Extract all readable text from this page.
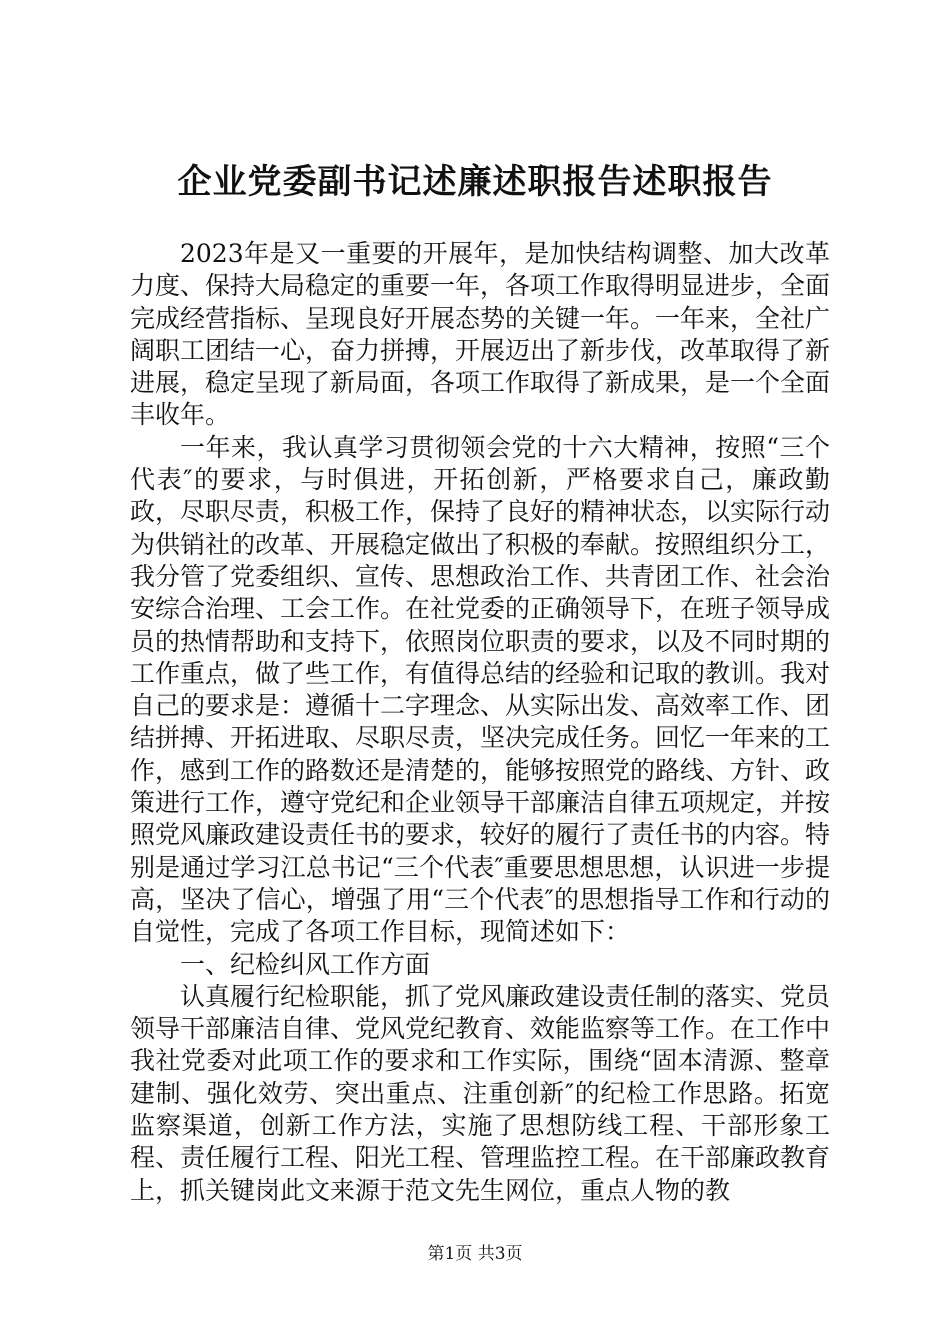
企业党委副书记述廉述职报告述职报告

2023年是又一重要的开展年，是加快结构调整、加大改革力度、保持大局稳定的重要一年，各项工作取得明显进步，全面完成经营指标、呈现良好开展态势的关键一年。一年来，全社广阔职工团结一心，奋力拼搏，开展迈出了新步伐，改革取得了新进展，稳定呈现了新局面，各项工作取得了新成果，是一个全面丰收年。

一年来，我认真学习贯彻领会党的十六大精神，按照“三个代表″的要求，与时俱进，开拓创新，严格要求自己，廉政勤政，尽职尽责，积极工作，保持了良好的精神状态，以实际行动为供销社的改革、开展稳定做出了积极的奉献。按照组织分工，我分管了党委组织、宣传、思想政治工作、共青团工作、社会治安综合治理、工会工作。在社党委的正确领导下，在班子领导成员的热情帮助和支持下，依照岗位职责的要求，以及不同时期的工作重点，做了些工作，有值得总结的经验和记取的教训。我对自己的要求是：遵循十二字理念、从实际出发、高效率工作、团结拼搏、开拓进取、尽职尽责，坚决完成任务。回忆一年来的工作，感到工作的路数还是清楚的，能够按照党的路线、方针、政策进行工作，遵守党纪和企业领导干部廉洁自律五项规定，并按照党风廉政建设责任书的要求，较好的履行了责任书的内容。特别是通过学习江总书记“三个代表″重要思想思想，认识进一步提高，坚决了信心，增强了用“三个代表″的思想指导工作和行动的自觉性，完成了各项工作目标，现简述如下：

一、纪检纠风工作方面

认真履行纪检职能，抓了党风廉政建设责任制的落实、党员领导干部廉洁自律、党风党纪教育、效能监察等工作。在工作中我社党委对此项工作的要求和工作实际，围绕“固本清源、整章建制、强化效劳、突出重点、注重创新″的纪检工作思路。拓宽监察渠道，创新工作方法，实施了思想防线工程、干部形象工程、责任履行工程、阳光工程、管理监控工程。在干部廉政教育上，抓关键岗此文来源于范文先生网位，重点人物的教

第1页 共3页
